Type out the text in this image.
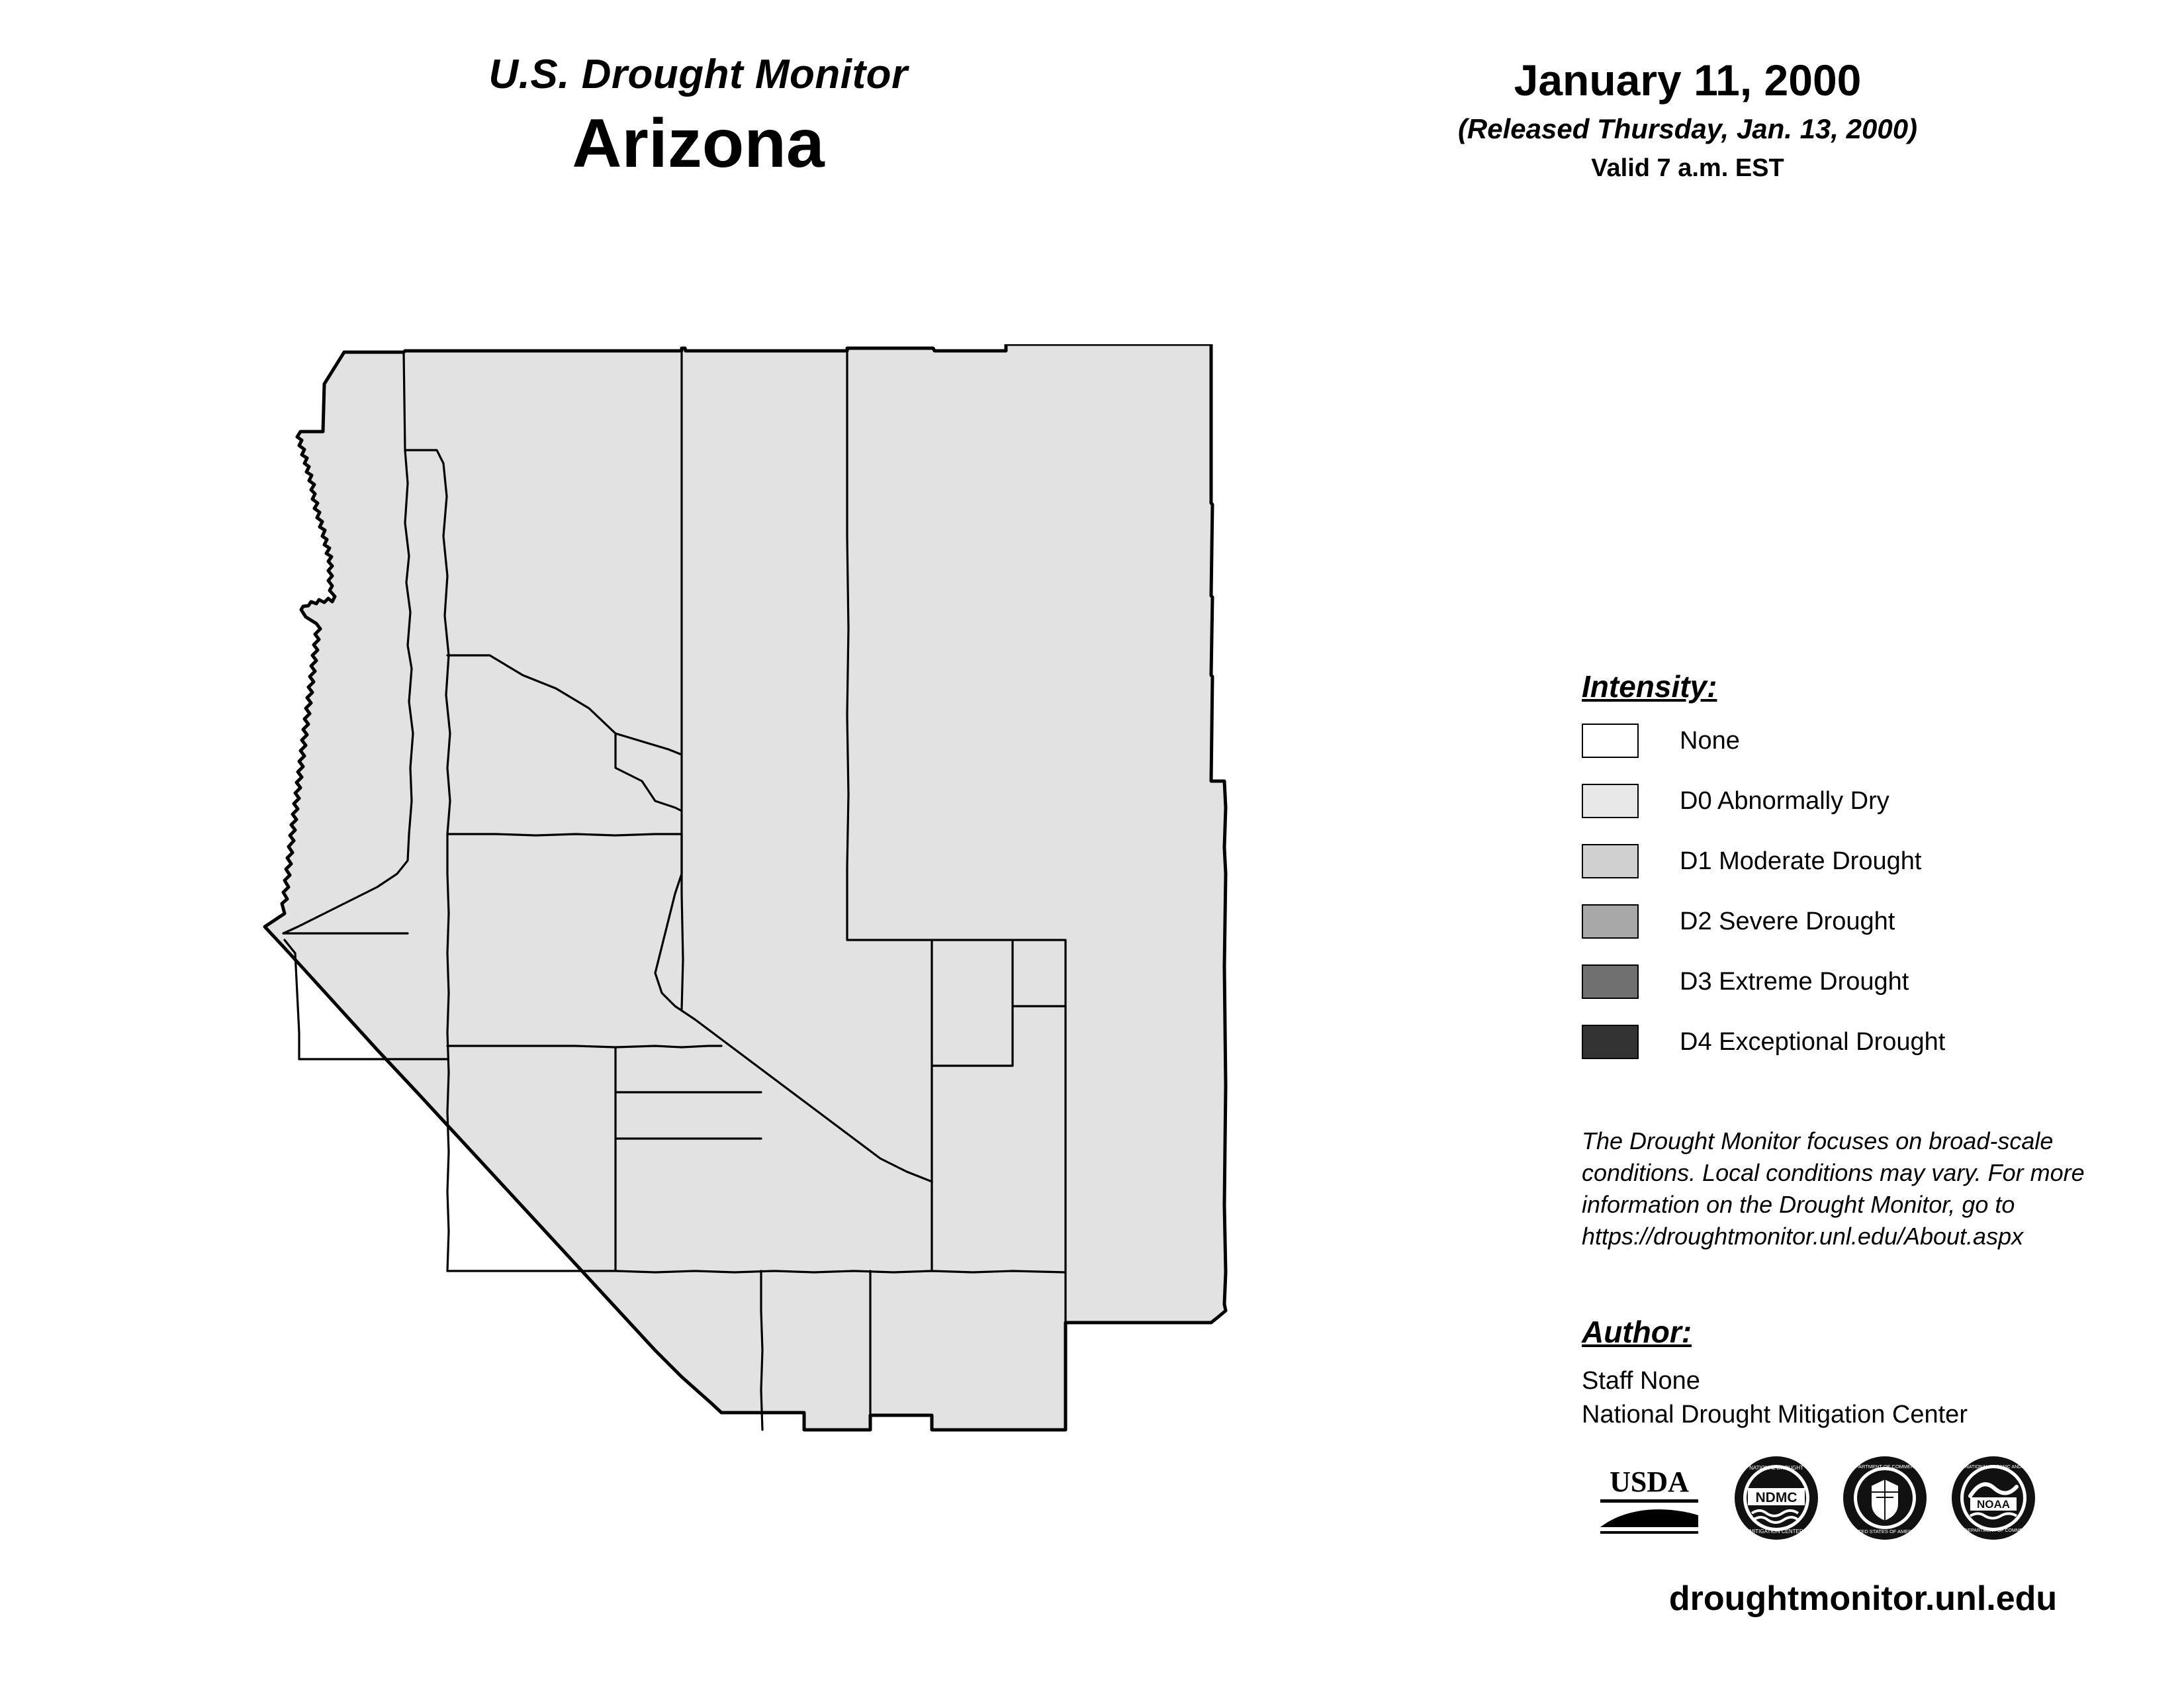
U.S. Drought Monitor
Arizona
January 11, 2000
(Released Thursday, Jan. 13, 2000)
Valid 7 a.m. EST
Intensity:
None
D0 Abnormally Dry
D1 Moderate Drought
D2 Severe Drought
D3 Extreme Drought
D4 Exceptional Drought
The Drought Monitor focuses on broad-scale conditions. Local conditions may vary. For more information on the Drought Monitor, go to https://droughtmonitor.unl.edu/About.aspx
Author:
Staff None
National Drought Mitigation Center
USDA	NDMC
NATIONAL DROUGHT
MITIGATION CENTER
DEPARTMENT OF COMMERCE
UNITED STATES OF AMERICA
NOAA
NATIONAL OCEANIC AND
U.S. DEPARTMENT OF COMMERCE
droughtmonitor.unl.edu
